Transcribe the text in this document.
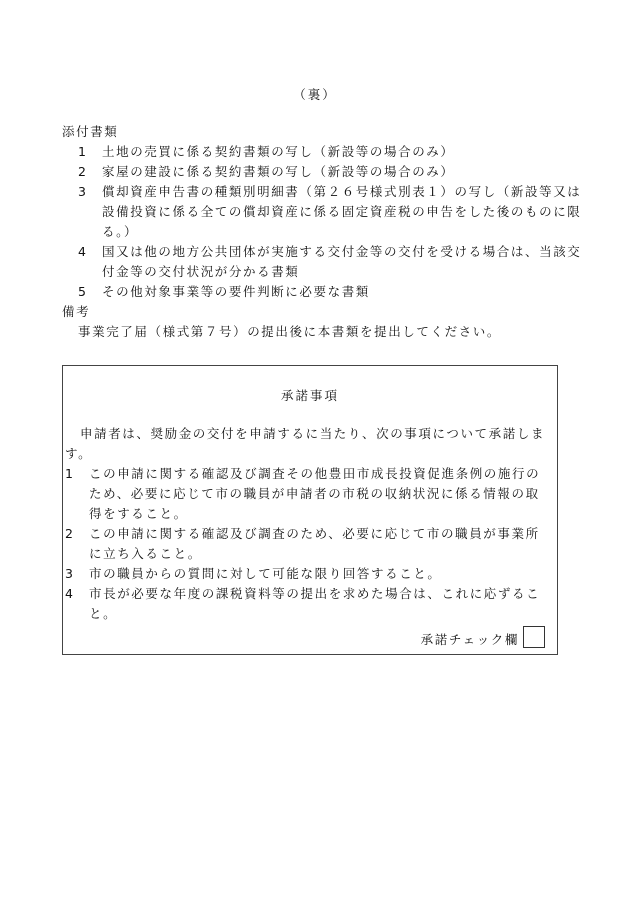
（裏）
添付書類
1	土地の売買に係る契約書類の写し（新設等の場合のみ）
2	家屋の建設に係る契約書類の写し（新設等の場合のみ）
3	償却資産申告書の種類別明細書（第２６号様式別表１）の写し（新設等又は設備投資に係る全ての償却資産に係る固定資産税の申告をした後のものに限る。）
4	国又は他の地方公共団体が実施する交付金等の交付を受ける場合は、当該交付金等の交付状況が分かる書類
5	その他対象事業等の要件判断に必要な書類
備考
事業完了届（様式第７号）の提出後に本書類を提出してください。
承諾事項
申請者は、奨励金の交付を申請するに当たり、次の事項について承諾します。
1	この申請に関する確認及び調査その他豊田市成長投資促進条例の施行のため、必要に応じて市の職員が申請者の市税の収納状況に係る情報の取得をすること。
2	この申請に関する確認及び調査のため、必要に応じて市の職員が事業所に立ち入ること。
3	市の職員からの質問に対して可能な限り回答すること。
4	市長が必要な年度の課税資料等の提出を求めた場合は、これに応ずること。
承諾チェック欄
